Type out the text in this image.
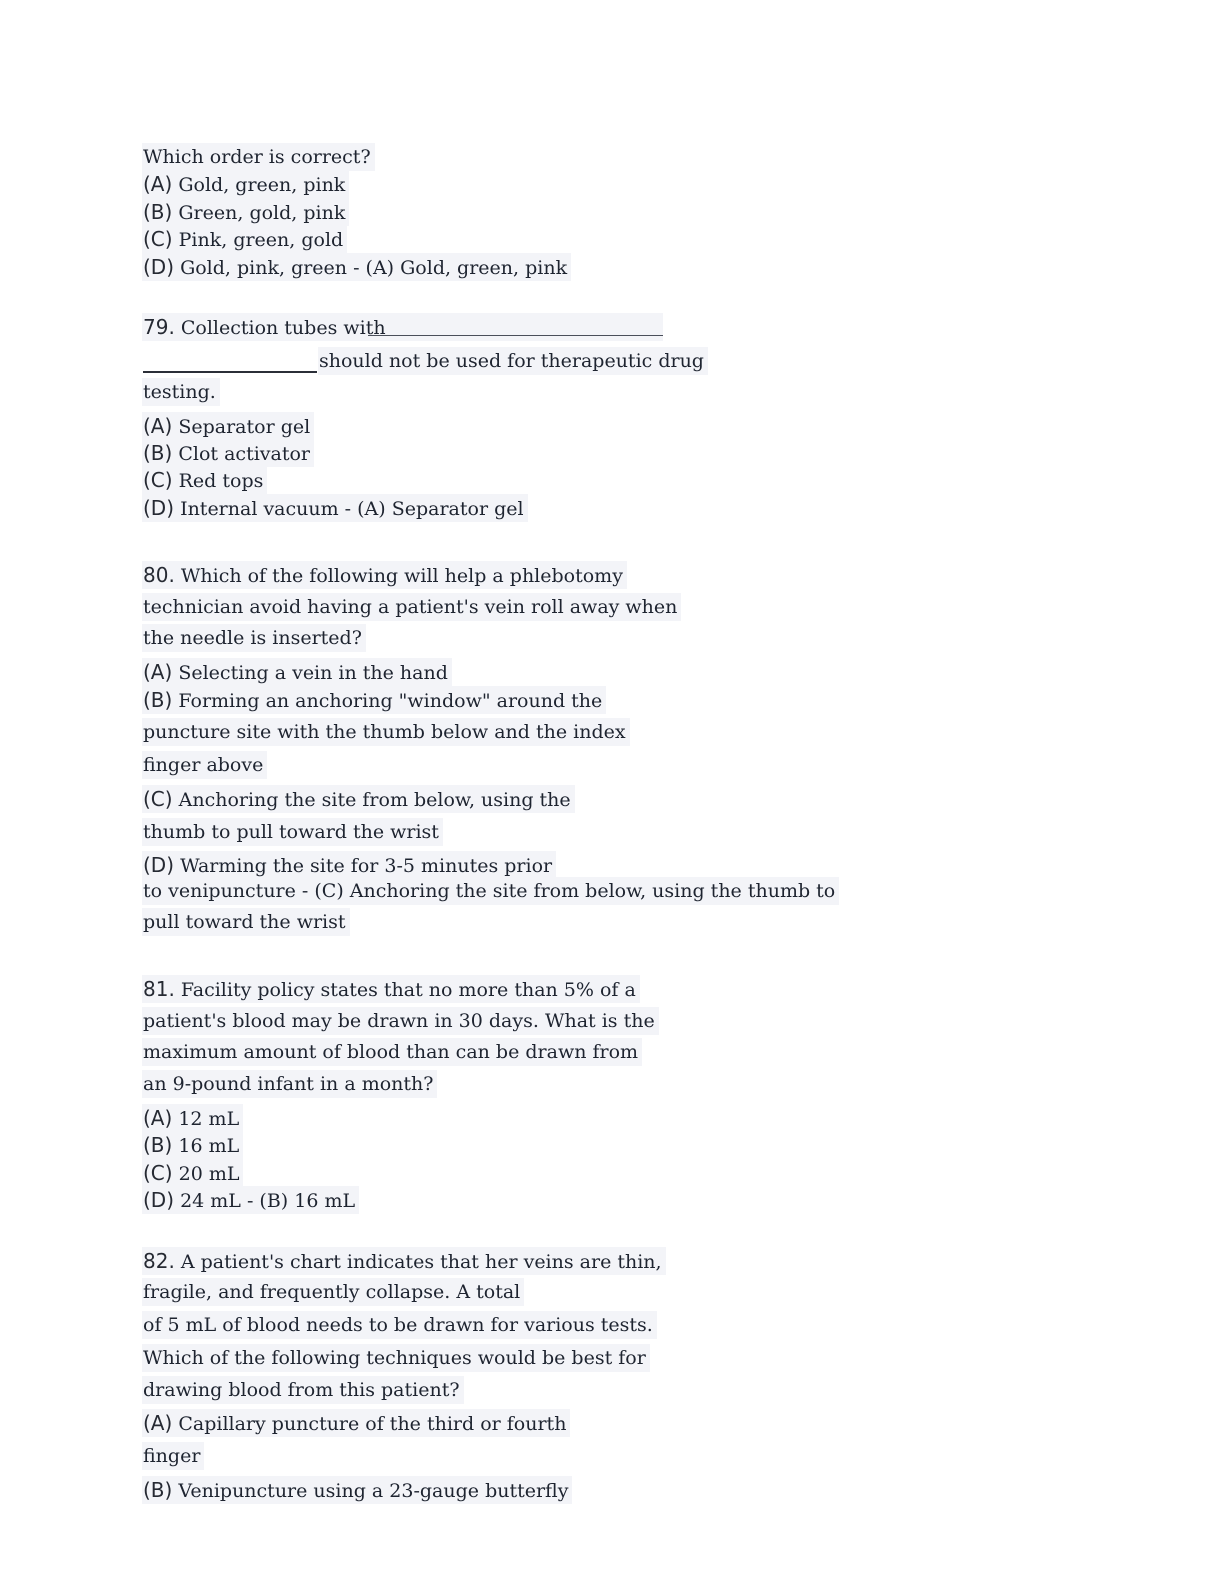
Which order is correct?
(A) Gold, green, pink
(B) Green, gold, pink
(C) Pink, green, gold
(D) Gold, pink, green - (A) Gold, green, pink
79. Collection tubes with
should not be used for therapeutic drug
testing.
(A) Separator gel
(B) Clot activator
(C) Red tops
(D) Internal vacuum - (A) Separator gel
80. Which of the following will help a phlebotomy
technician avoid having a patient's vein roll away when
the needle is inserted?
(A) Selecting a vein in the hand
(B) Forming an anchoring "window" around the
puncture site with the thumb below and the index
finger above
(C) Anchoring the site from below, using the
thumb to pull toward the wrist
(D) Warming the site for 3-5 minutes prior
to venipuncture - (C) Anchoring the site from below, using the thumb to
pull toward the wrist
81. Facility policy states that no more than 5% of a
patient's blood may be drawn in 30 days. What is the
maximum amount of blood than can be drawn from
an 9-pound infant in a month?
(A) 12 mL
(B) 16 mL
(C) 20 mL
(D) 24 mL - (B) 16 mL
82. A patient's chart indicates that her veins are thin,
fragile, and frequently collapse. A total
of 5 mL of blood needs to be drawn for various tests.
Which of the following techniques would be best for
drawing blood from this patient?
(A) Capillary puncture of the third or fourth
finger
(B) Venipuncture using a 23-gauge butterfly
